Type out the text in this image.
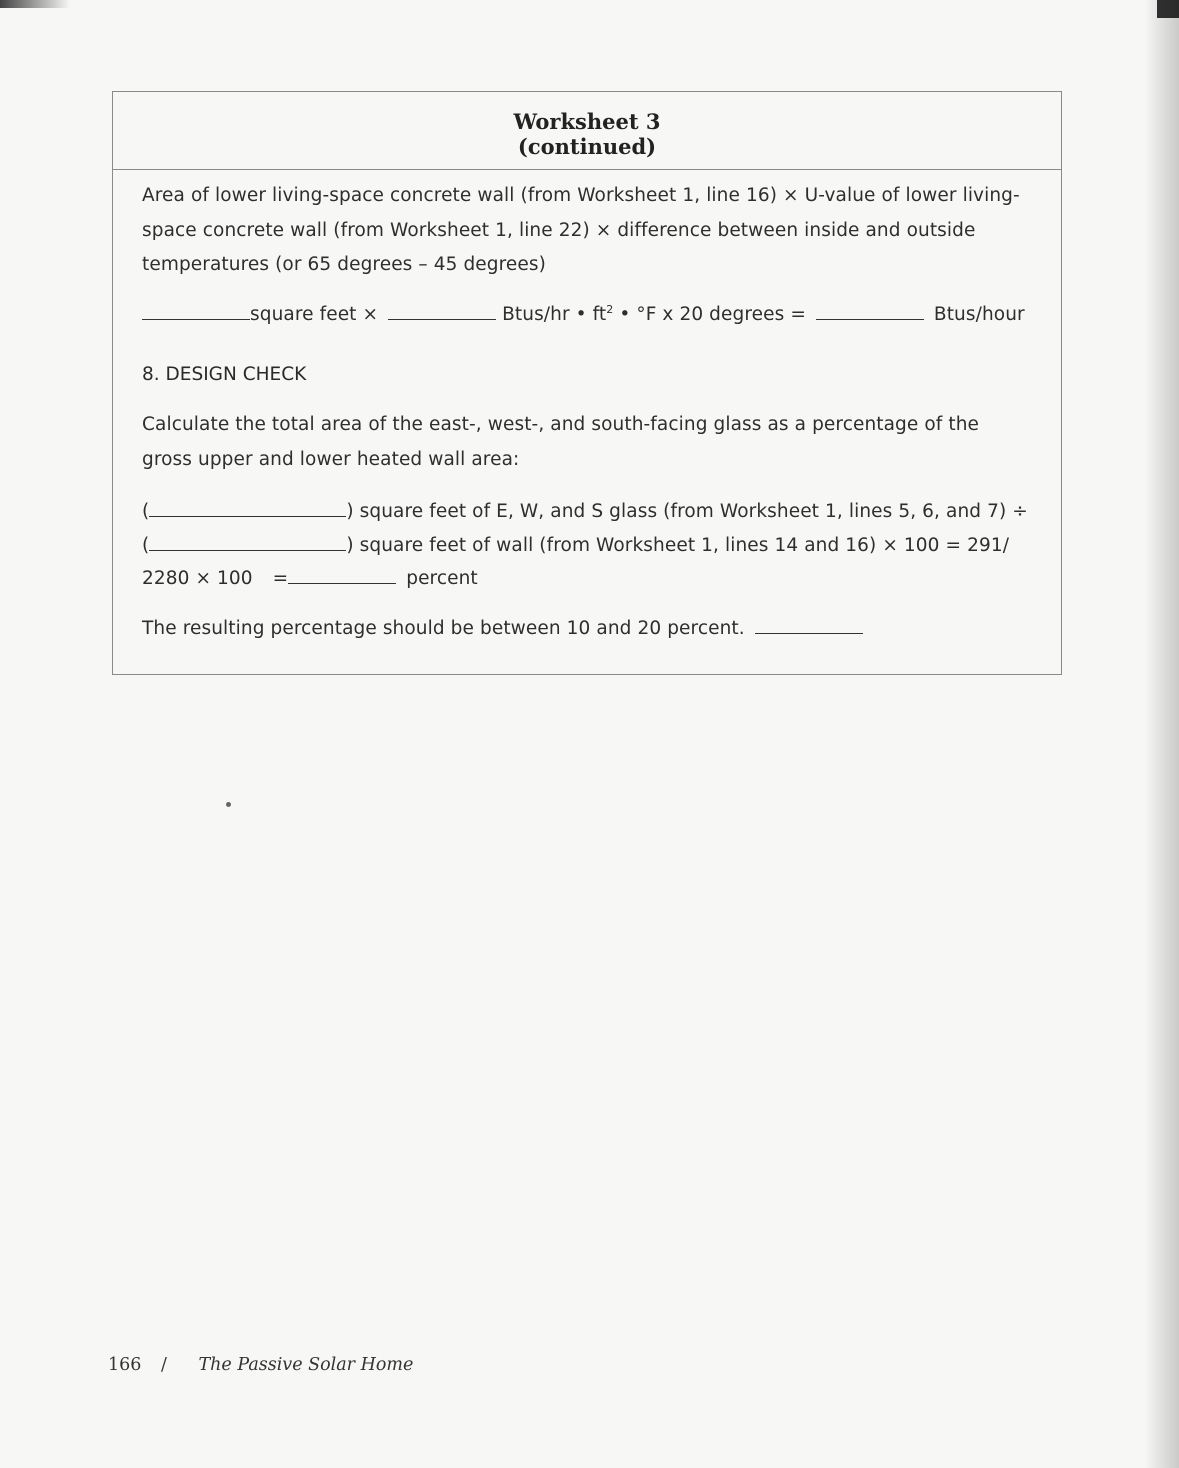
Worksheet 3
(continued)
Area of lower living-space concrete wall (from Worksheet 1, line 16) × U-value of lower living-
space concrete wall (from Worksheet 1, line 22) × difference between inside and outside
temperatures (or 65 degrees – 45 degrees)
square feet ×	Btus/hr • $ft^2$ • °F x 20 degrees =	Btus/hour
8. DESIGN CHECK
Calculate the total area of the east-, west-, and south-facing glass as a percentage of the
gross upper and lower heated wall area:
(	) square feet of E, W, and S glass (from Worksheet 1, lines 5, 6, and 7) ÷
(	) square feet of wall (from Worksheet 1, lines 14 and 16) × 100 = 291/
2280 × 100 =	percent
The resulting percentage should be between 10 and 20 percent.
166 / The Passive Solar Home
